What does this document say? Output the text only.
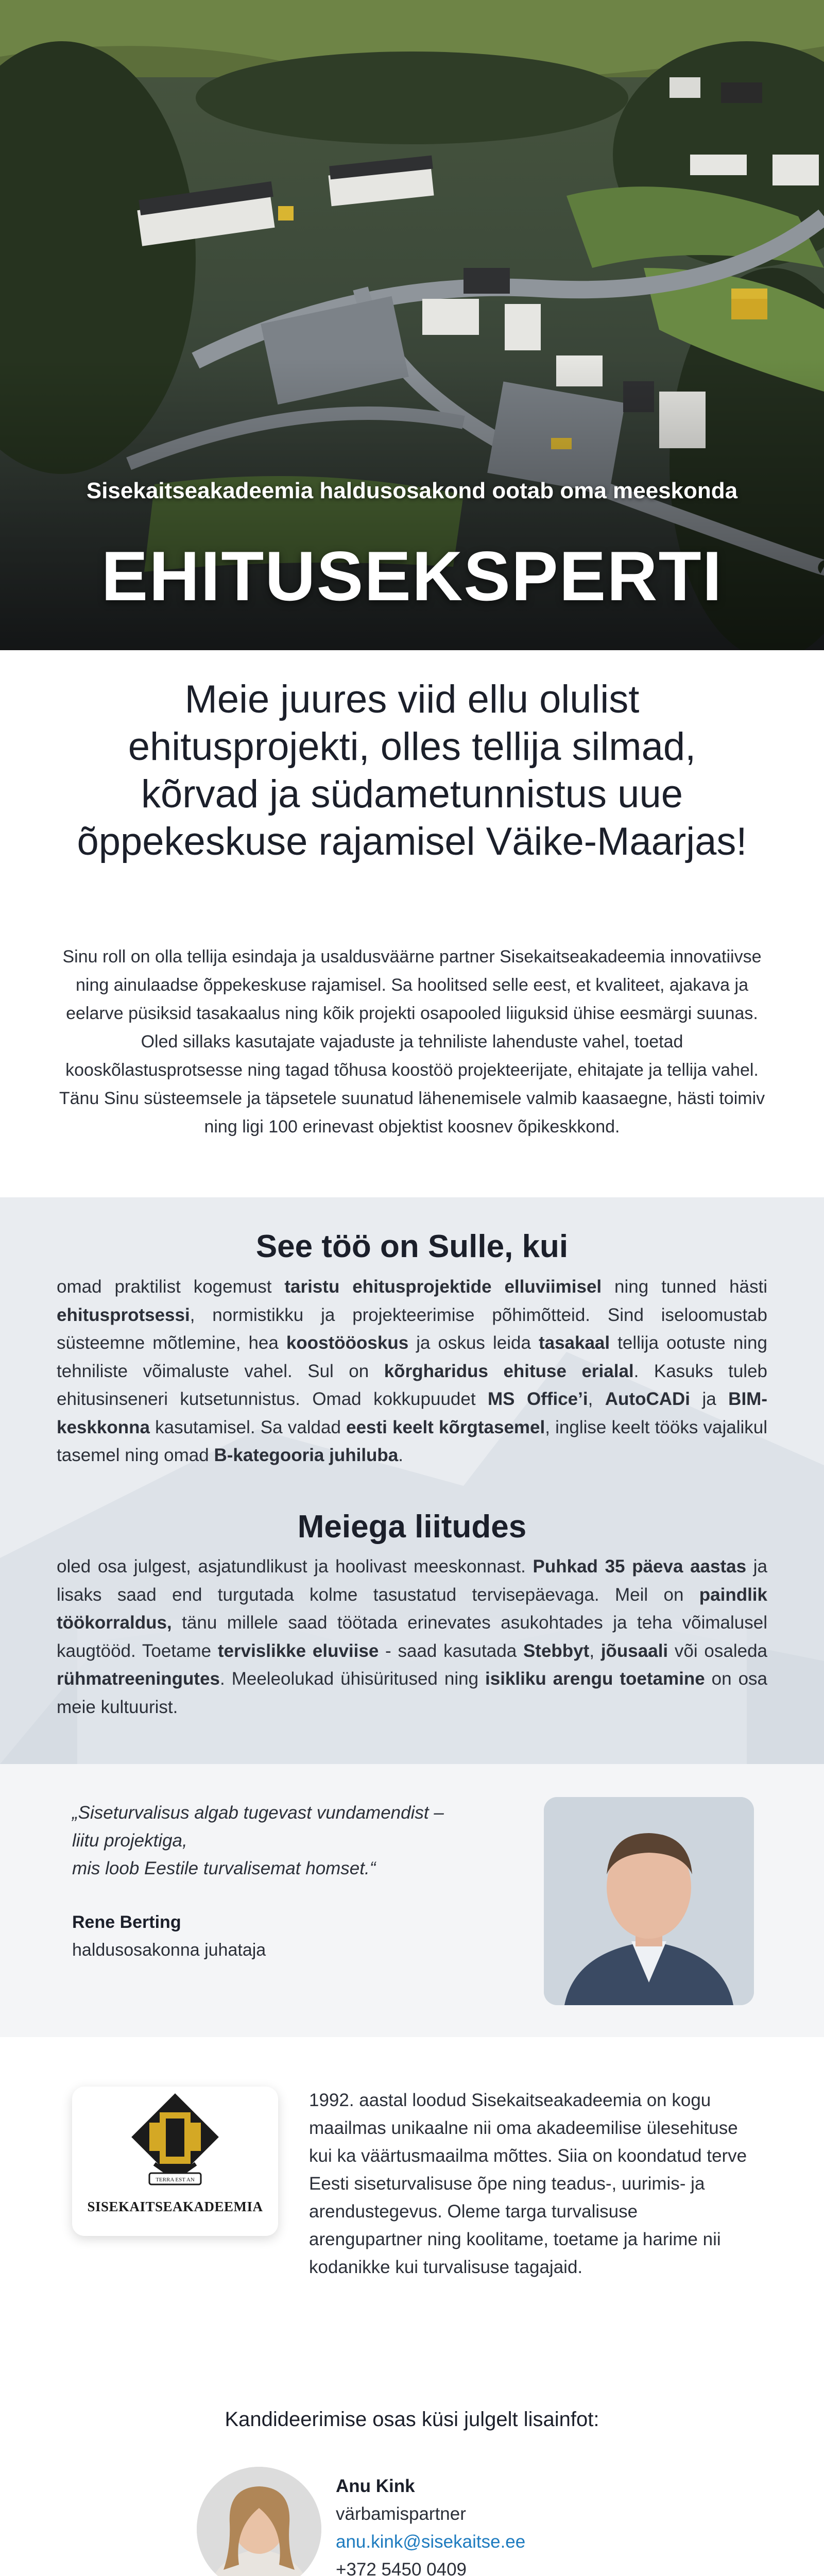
Sisekaitseakadeemia haldusosakond ootab oma meeskonda
EHITUSEKSPERTI
Meie juures viid ellu olulist ehitusprojekti, olles tellija silmad, kõrvad ja südametunnistus uue õppekeskuse rajamisel Väike-Maarjas!

Sinu roll on olla tellija esindaja ja usaldusväärne partner Sisekaitseakadeemia innovatiivse ning ainulaadse õppekeskuse rajamisel. Sa hoolitsed selle eest, et kvaliteet, ajakava ja eelarve püsiksid tasakaalus ning kõik projekti osapooled liiguksid ühise eesmärgi suunas. Oled sillaks kasutajate vajaduste ja tehniliste lahenduste vahel, toetad kooskõlastusprotsesse ning tagad tõhusa koostöö projekteerijate, ehitajate ja tellija vahel. Tänu Sinu süsteemsele ja täpsetele suunatud lähenemisele valmib kaasaegne, hästi toimiv ning ligi 100 erinevast objektist koosnev õpikeskkond.

See töö on Sulle, kui

omad praktilist kogemust taristu ehitusprojektide elluviimisel ning tunned hästi ehitusprotsessi, normistikku ja projekteerimise põhimõtteid. Sind iseloomustab süsteemne mõtlemine, hea koostööoskus ja oskus leida tasakaal tellija ootuste ning tehniliste võimaluste vahel. Sul on kõrgharidus ehituse erialal. Kasuks tuleb ehitusinseneri kutsetunnistus. Omad kokkupuudet MS Office’i, AutoCADi ja BIM-keskkonna kasutamisel. Sa valdad eesti keelt kõrgtasemel, inglise keelt tööks vajalikul tasemel ning omad B-kategooria juhiluba.

Meiega liitudes

oled osa julgest, asjatundlikust ja hoolivast meeskonnast. Puhkad 35 päeva aastas ja lisaks saad end turgutada kolme tasustatud tervisepäevaga. Meil on paindlik töökorraldus, tänu millele saad töötada erinevates asukohtades ja teha võimalusel kaugtööd. Toetame tervislikke eluviise - saad kasutada Stebbyt, jõusaali või osaleda rühmatreeningutes. Meeleolukad ühisüritused ning isikliku arengu toetamine on osa meie kultuurist.

„Siseturvalisus algab tugevast vundamendist –
liitu projektiga,
mis loob Eestile turvalisemat homset.“
Rene Berting
haldusosakonna juhataja
TERRA EST AN
SISEKAITSEAKADEEMIA

1992. aastal loodud Sisekaitseakadeemia on kogu maailmas unikaalne nii oma akadeemilise ülesehituse kui ka väärtusmaailma mõttes. Siia on koondatud terve Eesti siseturvalisuse õpe ning teadus-, uurimis- ja arendustegevus. Oleme targa turvalisuse arengupartner ning koolitame, toetame ja harime nii kodanikke kui turvalisuse tagajaid.

Kandideerimise osas küsi julgelt lisainfot:
Anu Kink
värbamispartner
anu.kink@sisekaitse.ee
+372 5450 0409
